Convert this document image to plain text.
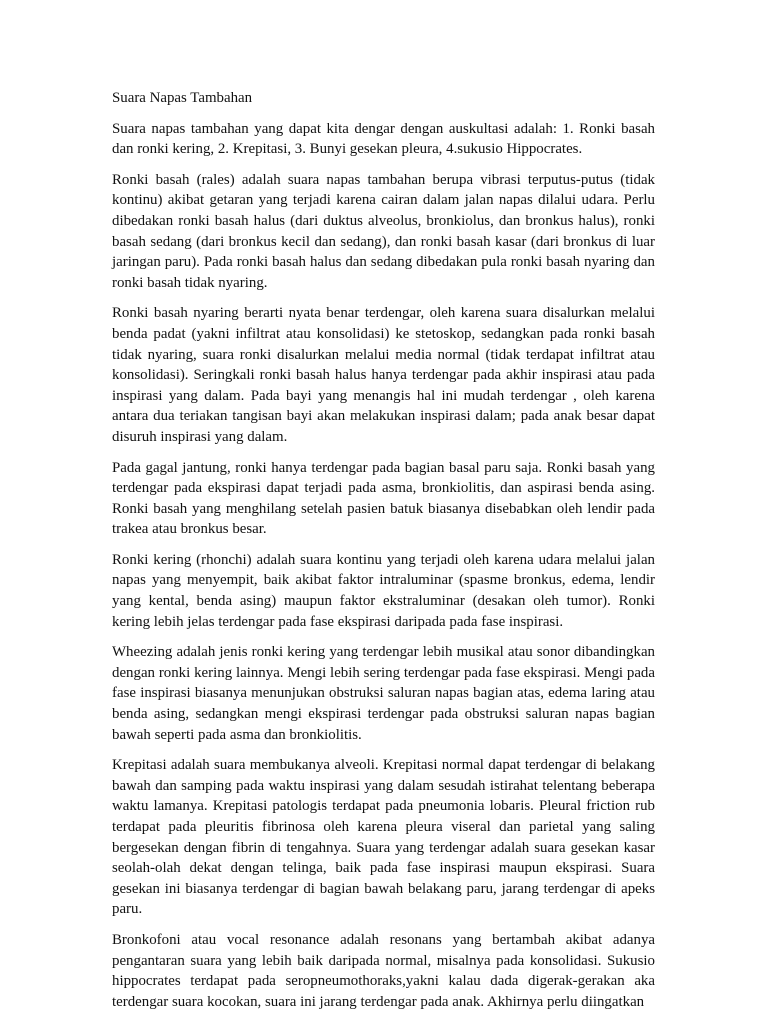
Suara Napas Tambahan

Suara napas tambahan yang dapat kita dengar dengan auskultasi adalah: 1. Ronki basah dan ronki kering, 2. Krepitasi, 3. Bunyi gesekan pleura, 4.sukusio Hippocrates.

Ronki basah (rales) adalah suara napas tambahan berupa vibrasi terputus-putus (tidak kontinu) akibat getaran yang terjadi karena cairan dalam jalan napas dilalui udara. Perlu dibedakan ronki basah halus (dari duktus alveolus, bronkiolus, dan bronkus halus), ronki basah sedang (dari bronkus kecil dan sedang), dan ronki basah kasar (dari bronkus di luar jaringan paru). Pada ronki basah halus dan sedang dibedakan pula ronki basah nyaring dan ronki basah tidak nyaring.

Ronki basah nyaring berarti nyata benar terdengar, oleh karena suara disalurkan melalui benda padat (yakni infiltrat atau konsolidasi) ke stetoskop, sedangkan pada ronki basah tidak nyaring, suara ronki disalurkan melalui media normal (tidak terdapat infiltrat atau konsolidasi). Seringkali ronki basah halus hanya terdengar pada akhir inspirasi atau pada inspirasi yang dalam. Pada bayi yang menangis hal ini mudah terdengar , oleh karena antara dua teriakan tangisan bayi akan melakukan inspirasi dalam; pada anak besar dapat disuruh inspirasi yang dalam.

Pada gagal jantung, ronki hanya terdengar pada bagian basal paru saja. Ronki basah yang terdengar pada ekspirasi dapat terjadi pada asma, bronkiolitis, dan aspirasi benda asing. Ronki basah yang menghilang setelah pasien batuk biasanya disebabkan oleh lendir pada trakea atau bronkus besar.

Ronki kering (rhonchi) adalah suara kontinu yang terjadi oleh karena udara melalui jalan napas yang menyempit, baik akibat faktor intraluminar (spasme bronkus, edema, lendir yang kental, benda asing) maupun faktor ekstraluminar (desakan oleh tumor). Ronki kering lebih jelas terdengar pada fase ekspirasi daripada pada fase inspirasi.

Wheezing adalah jenis ronki kering yang terdengar lebih musikal atau sonor dibandingkan dengan ronki kering lainnya. Mengi lebih sering terdengar pada fase ekspirasi. Mengi pada fase inspirasi biasanya menunjukan obstruksi saluran napas bagian atas, edema laring atau benda asing, sedangkan mengi ekspirasi terdengar pada obstruksi saluran napas bagian bawah seperti pada asma dan bronkiolitis.

Krepitasi adalah suara membukanya alveoli. Krepitasi normal dapat terdengar di belakang bawah dan samping pada waktu inspirasi yang dalam sesudah istirahat telentang beberapa waktu lamanya. Krepitasi patologis terdapat pada pneumonia lobaris. Pleural friction rub terdapat pada pleuritis fibrinosa oleh karena pleura viseral dan parietal yang saling bergesekan dengan fibrin di tengahnya. Suara yang terdengar adalah suara gesekan kasar seolah-olah dekat dengan telinga, baik pada fase inspirasi maupun ekspirasi. Suara gesekan ini biasanya terdengar di bagian bawah belakang paru, jarang terdengar di apeks paru.

Bronkofoni atau vocal resonance adalah resonans yang bertambah akibat adanya pengantaran suara yang lebih baik daripada normal, misalnya pada konsolidasi. Sukusio hippocrates terdapat pada seropneumothoraks,yakni kalau dada digerak-gerakan aka terdengar suara kocokan, suara ini jarang terdengar pada anak. Akhirnya perlu diingatkan
